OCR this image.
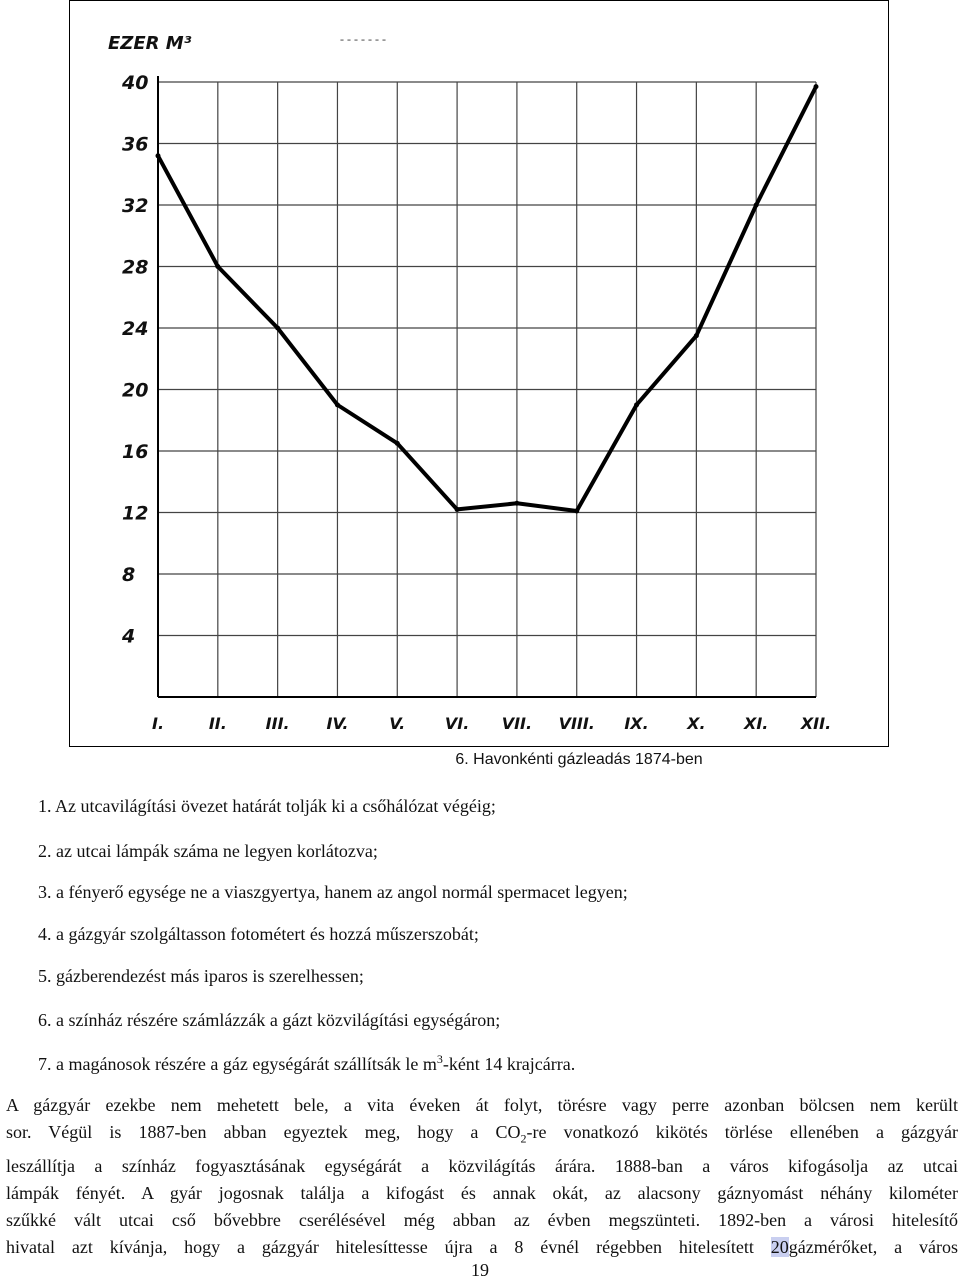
EZER M³	- - - - - - -
4
8
12
16
20
24
28
32
36
40
I.	II. III. IV.	V. VI. VII. VIII. IX. X. XI. XII.
6. Havonkénti gázleadás 1874-ben
1. Az utcavilágítási övezet határát tolják ki a csőhálózat végéig;
2. az utcai lámpák száma ne legyen korlátozva;
3. a fényerő egysége ne a viaszgyertya, hanem az angol normál spermacet legyen;
4. a gázgyár szolgáltasson fotométert és hozzá műszerszobát;
5. gázberendezést más iparos is szerelhessen;
6. a színház részére számlázzák a gázt közvilágítási egységáron;
7. a magánosok részére a gáz egységárát szállítsák le $m^3$-ként 14 krajcárra.
A gázgyár ezekbe nem mehetett bele, a vita éveken át folyt, törésre vagy perre azonban bölcsen nem került
sor. Végül is 1887-ben abban egyeztek meg, hogy a $CO_2-re$ vonatkozó kikötés törlése ellenében a gázgyár
leszállítja a színház fogyasztásának egységárát a közvilágítás árára. 1888-ban a város kifogásolja az utcai
lámpák fényét. A gyár jogosnak találja a kifogást és annak okát, az alacsony gáznyomást néhány kilométer
szűkké vált utcai cső bővebbre cserélésével még abban az évben megszünteti. 1892-ben a városi hitelesítő
hivatal azt kívánja, hogy a gázgyár hitelesíttesse újra a 8 évnél régebben hitelesített 20gázmérőket, a város
19
